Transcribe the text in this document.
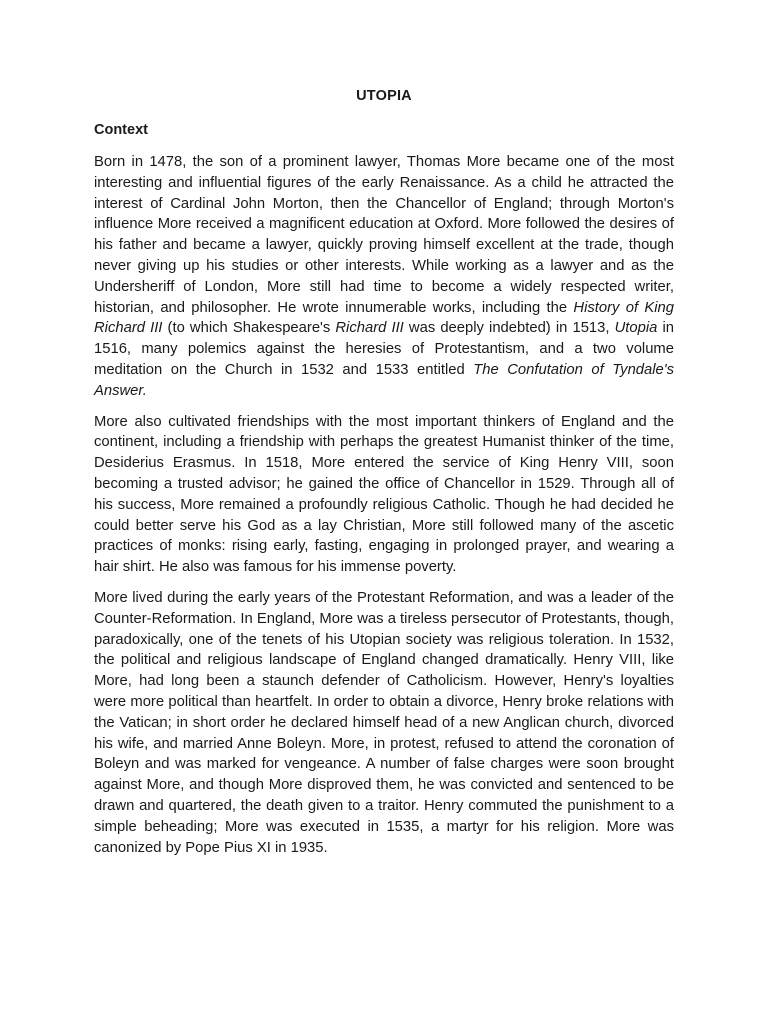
UTOPIA
Context

Born in 1478, the son of a prominent lawyer, Thomas More became one of the most interesting and influential figures of the early Renaissance. As a child he attracted the interest of Cardinal John Morton, then the Chancellor of England; through Morton's influence More received a magnificent education at Oxford. More followed the desires of his father and became a lawyer, quickly proving himself excellent at the trade, though never giving up his studies or other interests. While working as a lawyer and as the Undersheriff of London, More still had time to become a widely respected writer, historian, and philosopher. He wrote innumerable works, including the History of King Richard III (to which Shakespeare's Richard III was deeply indebted) in 1513, Utopia in 1516, many polemics against the heresies of Protestantism, and a two volume meditation on the Church in 1532 and 1533 entitled The Confutation of Tyndale's Answer.

More also cultivated friendships with the most important thinkers of England and the continent, including a friendship with perhaps the greatest Humanist thinker of the time, Desiderius Erasmus. In 1518, More entered the service of King Henry VIII, soon becoming a trusted advisor; he gained the office of Chancellor in 1529. Through all of his success, More remained a profoundly religious Catholic. Though he had decided he could better serve his God as a lay Christian, More still followed many of the ascetic practices of monks: rising early, fasting, engaging in prolonged prayer, and wearing a hair shirt. He also was famous for his immense poverty.

More lived during the early years of the Protestant Reformation, and was a leader of the Counter-Reformation. In England, More was a tireless persecutor of Protestants, though, paradoxically, one of the tenets of his Utopian society was religious toleration. In 1532, the political and religious landscape of England changed dramatically. Henry VIII, like More, had long been a staunch defender of Catholicism. However, Henry's loyalties were more political than heartfelt. In order to obtain a divorce, Henry broke relations with the Vatican; in short order he declared himself head of a new Anglican church, divorced his wife, and married Anne Boleyn. More, in protest, refused to attend the coronation of Boleyn and was marked for vengeance. A number of false charges were soon brought against More, and though More disproved them, he was convicted and sentenced to be drawn and quartered, the death given to a traitor. Henry commuted the punishment to a simple beheading; More was executed in 1535, a martyr for his religion. More was canonized by Pope Pius XI in 1935.
